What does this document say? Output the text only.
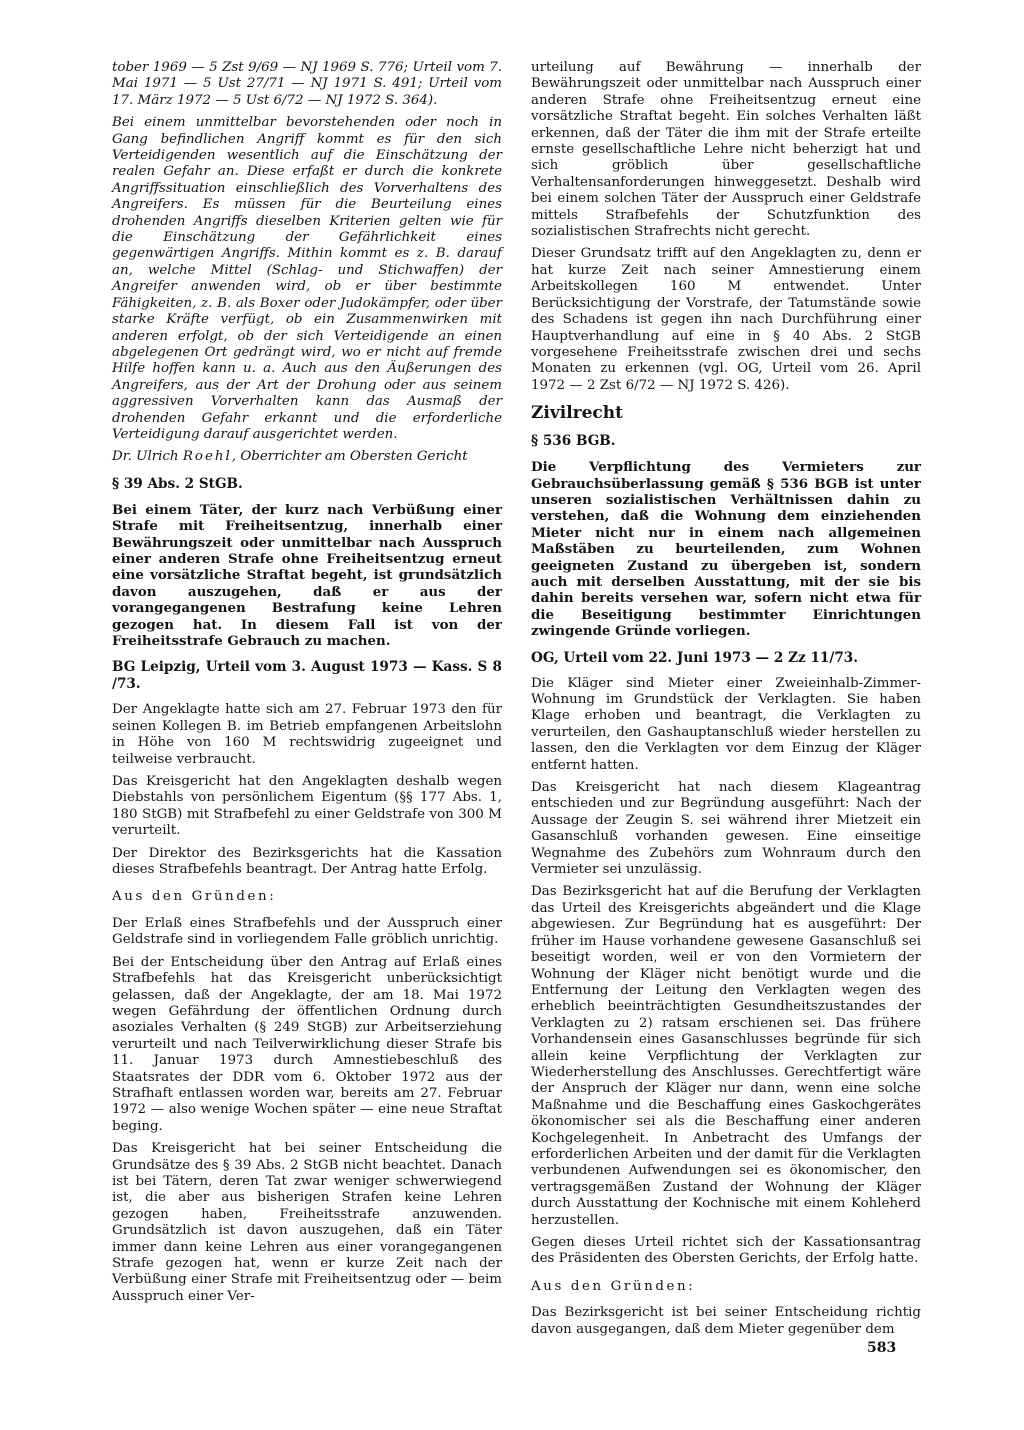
tober 1969 — 5 Zst 9/69 — NJ 1969 S. 776; Urteil vom 7. Mai 1971 — 5 Ust 27/71 — NJ 1971 S. 491; Urteil vom 17. März 1972 — 5 Ust 6/72 — NJ 1972 S. 364).

Bei einem unmittelbar bevorstehenden oder noch in Gang befindlichen Angriff kommt es für den sich Verteidigenden wesentlich auf die Einschätzung der realen Gefahr an. Diese erfaßt er durch die konkrete Angriffssituation einschließlich des Vorverhaltens des Angreifers. Es müssen für die Beurteilung eines drohenden Angriffs dieselben Kriterien gelten wie für die Einschätzung der Gefährlichkeit eines gegenwärtigen Angriffs. Mithin kommt es z. B. darauf an, welche Mittel (Schlag- und Stichwaffen) der Angreifer anwenden wird, ob er über bestimmte Fähigkeiten, z. B. als Boxer oder Judokämpfer, oder über starke Kräfte verfügt, ob ein Zusammenwirken mit anderen erfolgt, ob der sich Verteidigende an einen abgelegenen Ort gedrängt wird, wo er nicht auf fremde Hilfe hoffen kann u. a. Auch aus den Äußerungen des Angreifers, aus der Art der Drohung oder aus seinem aggressiven Vorverhalten kann das Ausmaß der drohenden Gefahr erkannt und die erforderliche Verteidigung darauf ausgerichtet werden.

Dr. Ulrich Roehl, Oberrichter am Obersten Gericht

§ 39 Abs. 2 StGB.

Bei einem Täter, der kurz nach Verbüßung einer Strafe mit Freiheitsentzug, innerhalb einer Bewährungszeit oder unmittelbar nach Ausspruch einer anderen Strafe ohne Freiheitsentzug erneut eine vorsätzliche Straftat begeht, ist grundsätzlich davon auszugehen, daß er aus der vorangegangenen Bestrafung keine Lehren gezogen hat. In diesem Fall ist von der Freiheitsstrafe Gebrauch zu machen.

BG Leipzig, Urteil vom 3. August 1973 — Kass. S 8 /73.

Der Angeklagte hatte sich am 27. Februar 1973 den für seinen Kollegen B. im Betrieb empfangenen Arbeitslohn in Höhe von 160 M rechtswidrig zugeeignet und teilweise verbraucht.

Das Kreisgericht hat den Angeklagten deshalb wegen Diebstahls von persönlichem Eigentum (§§ 177 Abs. 1, 180 StGB) mit Strafbefehl zu einer Geldstrafe von 300 M verurteilt.

Der Direktor des Bezirksgerichts hat die Kassation dieses Strafbefehls beantragt. Der Antrag hatte Erfolg.

Aus den Gründen:

Der Erlaß eines Strafbefehls und der Ausspruch einer Geldstrafe sind in vorliegendem Falle gröblich unrichtig.

Bei der Entscheidung über den Antrag auf Erlaß eines Strafbefehls hat das Kreisgericht unberücksichtigt gelassen, daß der Angeklagte, der am 18. Mai 1972 wegen Gefährdung der öffentlichen Ordnung durch asoziales Verhalten (§ 249 StGB) zur Arbeitserziehung verurteilt und nach Teilverwirklichung dieser Strafe bis 11. Januar 1973 durch Amnestiebeschluß des Staatsrates der DDR vom 6. Oktober 1972 aus der Strafhaft entlassen worden war, bereits am 27. Februar 1972 — also wenige Wochen später — eine neue Straftat beging.

Das Kreisgericht hat bei seiner Entscheidung die Grundsätze des § 39 Abs. 2 StGB nicht beachtet. Danach ist bei Tätern, deren Tat zwar weniger schwerwiegend ist, die aber aus bisherigen Strafen keine Lehren gezogen haben, Freiheitsstrafe anzuwenden. Grundsätzlich ist davon auszugehen, daß ein Täter immer dann keine Lehren aus einer vorangegangenen Strafe gezogen hat, wenn er kurze Zeit nach der Verbüßung einer Strafe mit Freiheitsentzug oder — beim Ausspruch einer Ver-

urteilung auf Bewährung — innerhalb der Bewährungszeit oder unmittelbar nach Ausspruch einer anderen Strafe ohne Freiheitsentzug erneut eine vorsätzliche Straftat begeht. Ein solches Verhalten läßt erkennen, daß der Täter die ihm mit der Strafe erteilte ernste gesellschaftliche Lehre nicht beherzigt hat und sich gröblich über gesellschaftliche Verhaltensanforderungen hinweggesetzt. Deshalb wird bei einem solchen Täter der Ausspruch einer Geldstrafe mittels Strafbefehls der Schutzfunktion des sozialistischen Strafrechts nicht gerecht.

Dieser Grundsatz trifft auf den Angeklagten zu, denn er hat kurze Zeit nach seiner Amnestierung einem Arbeitskollegen 160 M entwendet. Unter Berücksichtigung der Vorstrafe, der Tatumstände sowie des Schadens ist gegen ihn nach Durchführung einer Hauptverhandlung auf eine in § 40 Abs. 2 StGB vorgesehene Freiheitsstrafe zwischen drei und sechs Monaten zu erkennen (vgl. OG, Urteil vom 26. April 1972 — 2 Zst 6/72 — NJ 1972 S. 426).

Zivilrecht

§ 536 BGB.

Die Verpflichtung des Vermieters zur Gebrauchsüberlassung gemäß § 536 BGB ist unter unseren sozialistischen Verhältnissen dahin zu verstehen, daß die Wohnung dem einziehenden Mieter nicht nur in einem nach allgemeinen Maßstäben zu beurteilenden, zum Wohnen geeigneten Zustand zu übergeben ist, sondern auch mit derselben Ausstattung, mit der sie bis dahin bereits versehen war, sofern nicht etwa für die Beseitigung bestimmter Einrichtungen zwingende Gründe vorliegen.

OG, Urteil vom 22. Juni 1973 — 2 Zz 11/73.

Die Kläger sind Mieter einer Zweieinhalb-Zimmer-Wohnung im Grundstück der Verklagten. Sie haben Klage erhoben und beantragt, die Verklagten zu verurteilen, den Gashauptanschluß wieder herstellen zu lassen, den die Verklagten vor dem Einzug der Kläger entfernt hatten.

Das Kreisgericht hat nach diesem Klageantrag entschieden und zur Begründung ausgeführt: Nach der Aussage der Zeugin S. sei während ihrer Mietzeit ein Gasanschluß vorhanden gewesen. Eine einseitige Wegnahme des Zubehörs zum Wohnraum durch den Vermieter sei unzulässig.

Das Bezirksgericht hat auf die Berufung der Verklagten das Urteil des Kreisgerichts abgeändert und die Klage abgewiesen. Zur Begründung hat es ausgeführt: Der früher im Hause vorhandene gewesene Gasanschluß sei beseitigt worden, weil er von den Vormietern der Wohnung der Kläger nicht benötigt wurde und die Entfernung der Leitung den Verklagten wegen des erheblich beeinträchtigten Gesundheitszustandes der Verklagten zu 2) ratsam erschienen sei. Das frühere Vorhandensein eines Gasanschlusses begründe für sich allein keine Verpflichtung der Verklagten zur Wiederherstellung des Anschlusses. Gerechtfertigt wäre der Anspruch der Kläger nur dann, wenn eine solche Maßnahme und die Beschaffung eines Gaskochgerätes ökonomischer sei als die Beschaffung einer anderen Kochgelegenheit. In Anbetracht des Umfangs der erforderlichen Arbeiten und der damit für die Verklagten verbundenen Aufwendungen sei es ökonomischer, den vertragsgemäßen Zustand der Wohnung der Kläger durch Ausstattung der Kochnische mit einem Kohleherd herzustellen.

Gegen dieses Urteil richtet sich der Kassationsantrag des Präsidenten des Obersten Gerichts, der Erfolg hatte.

Aus den Gründen:

Das Bezirksgericht ist bei seiner Entscheidung richtig davon ausgegangen, daß dem Mieter gegenüber dem

583
